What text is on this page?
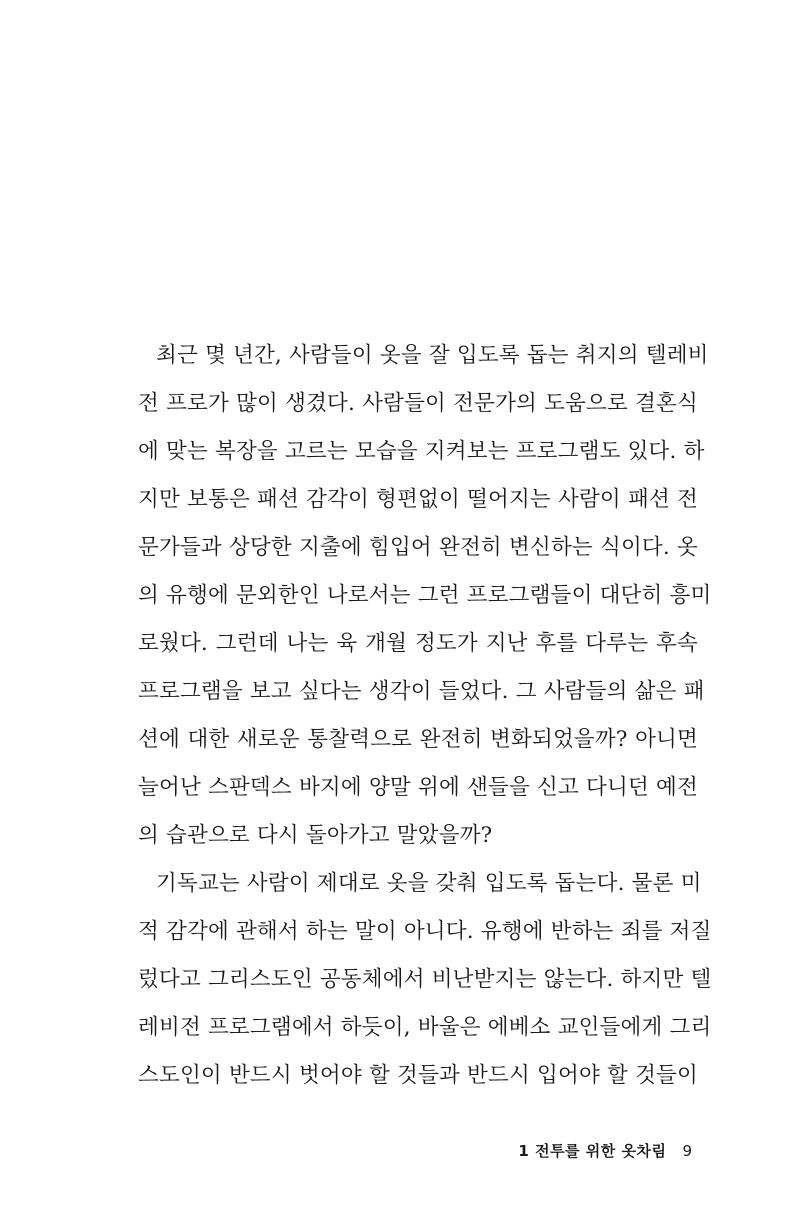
최근 몇 년간, 사람들이 옷을 잘 입도록 돕는 취지의 텔레비
전 프로가 많이 생겼다. 사람들이 전문가의 도움으로 결혼식
에 맞는 복장을 고르는 모습을 지켜보는 프로그램도 있다. 하
지만 보통은 패션 감각이 형편없이 떨어지는 사람이 패션 전
문가들과 상당한 지출에 힘입어 완전히 변신하는 식이다. 옷
의 유행에 문외한인 나로서는 그런 프로그램들이 대단히 흥미
로웠다. 그런데 나는 육 개월 정도가 지난 후를 다루는 후속
프로그램을 보고 싶다는 생각이 들었다. 그 사람들의 삶은 패
션에 대한 새로운 통찰력으로 완전히 변화되었을까? 아니면
늘어난 스판덱스 바지에 양말 위에 샌들을 신고 다니던 예전
의 습관으로 다시 돌아가고 말았을까?
기독교는 사람이 제대로 옷을 갖춰 입도록 돕는다. 물론 미
적 감각에 관해서 하는 말이 아니다. 유행에 반하는 죄를 저질
렀다고 그리스도인 공동체에서 비난받지는 않는다. 하지만 텔
레비전 프로그램에서 하듯이, 바울은 에베소 교인들에게 그리
스도인이 반드시 벗어야 할 것들과 반드시 입어야 할 것들이
1 전투를 위한 옷차림 9
